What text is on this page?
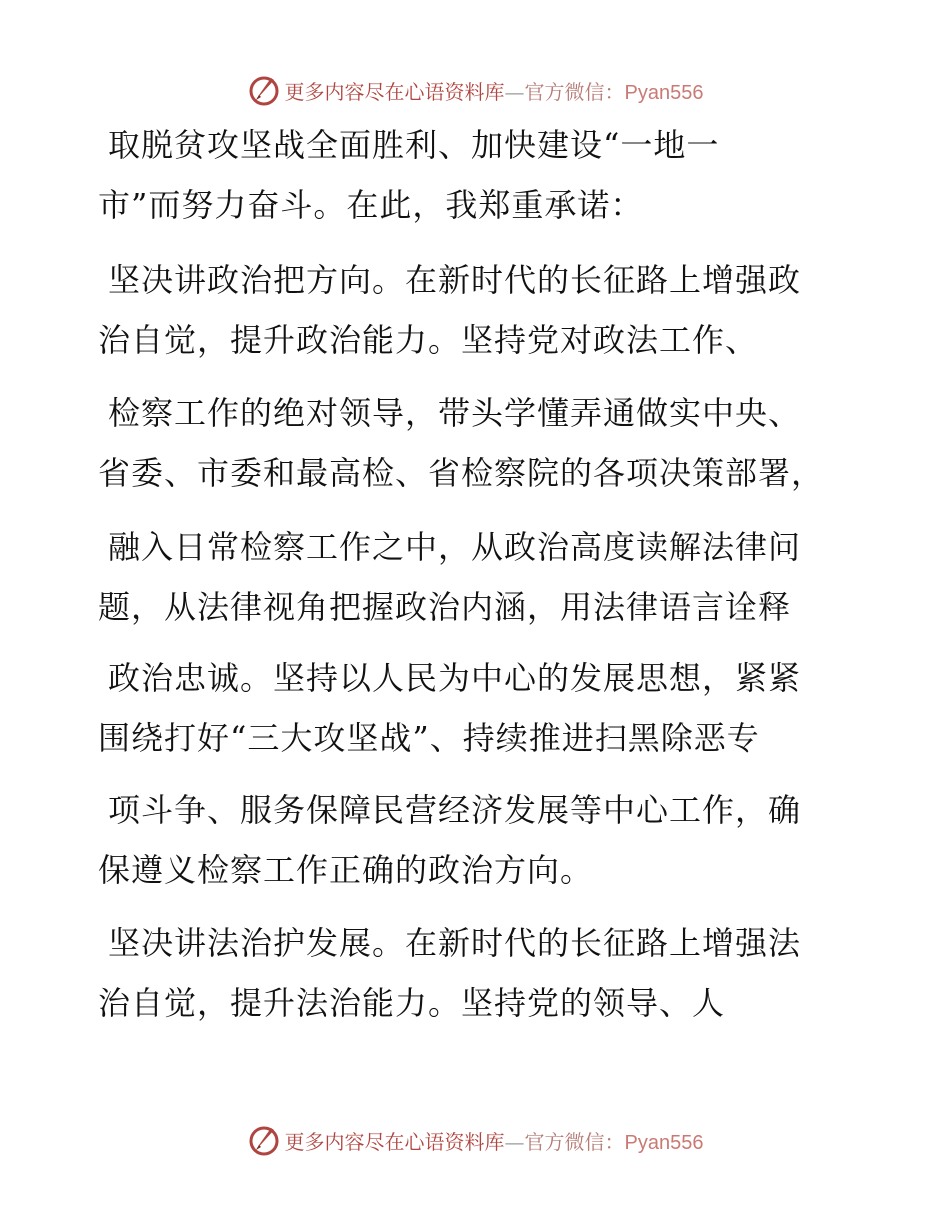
更多内容尽在心语资料库—官方微信：Pyan556
取脱贫攻坚战全面胜利、加快建设“一地一
市”而努力奋斗。在此，我郑重承诺：
坚决讲政治把方向。在新时代的长征路上增强政
治自觉，提升政治能力。坚持党对政法工作、
检察工作的绝对领导，带头学懂弄通做实中央、
省委、市委和最高检、省检察院的各项决策部署，
融入日常检察工作之中，从政治高度读解法律问
题，从法律视角把握政治内涵，用法律语言诠释
政治忠诚。坚持以人民为中心的发展思想，紧紧
围绕打好“三大攻坚战”、持续推进扫黑除恶专
项斗争、服务保障民营经济发展等中心工作，确
保遵义检察工作正确的政治方向。
坚决讲法治护发展。在新时代的长征路上增强法
治自觉，提升法治能力。坚持党的领导、人
更多内容尽在心语资料库—官方微信：Pyan556
